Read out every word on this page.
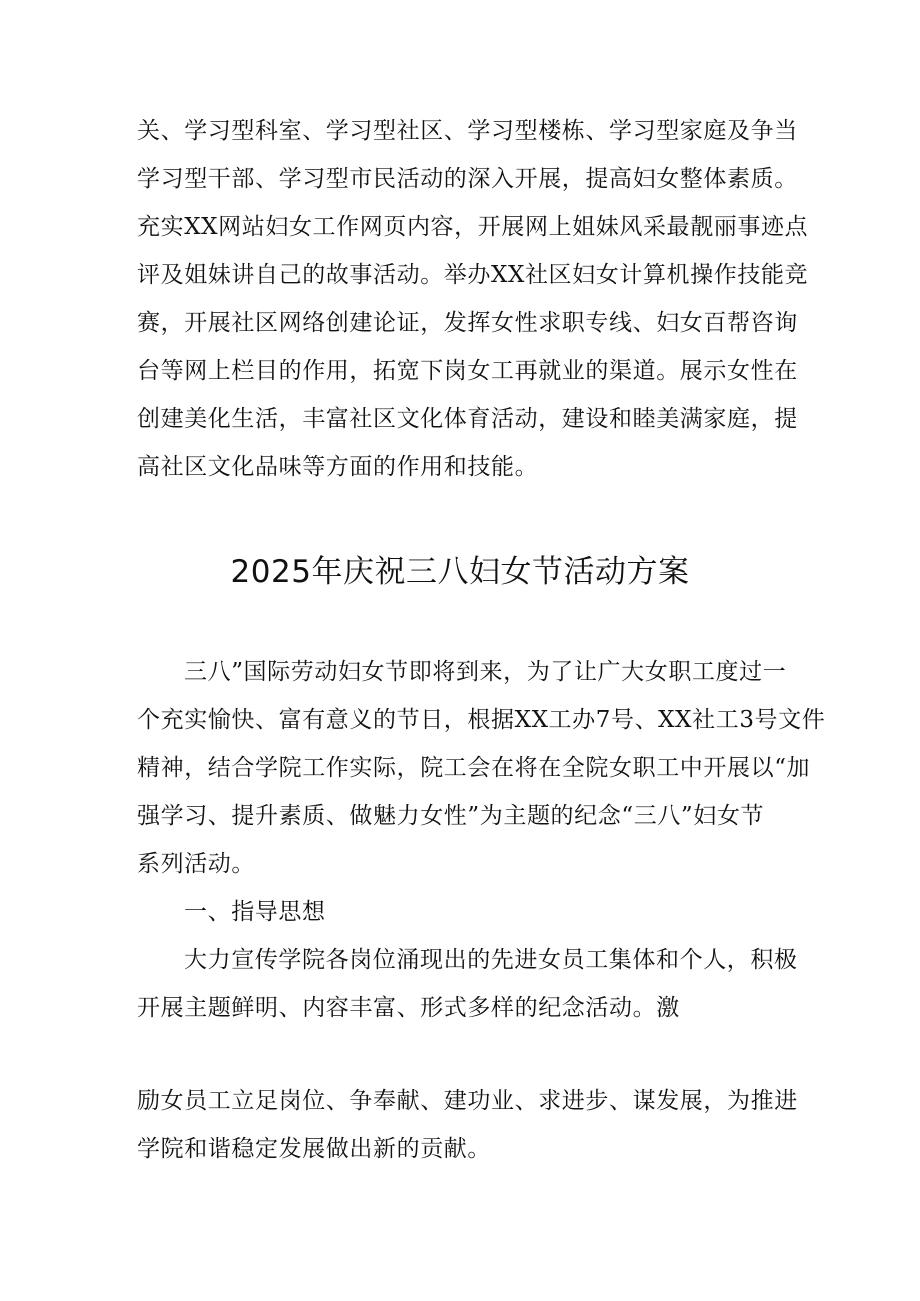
关、学习型科室、学习型社区、学习型楼栋、学习型家庭及争当
学习型干部、学习型市民活动的深入开展，提高妇女整体素质。
充实XX网站妇女工作网页内容，开展网上姐妹风采最靓丽事迹点
评及姐妹讲自己的故事活动。举办XX社区妇女计算机操作技能竞
赛，开展社区网络创建论证，发挥女性求职专线、妇女百帮咨询
台等网上栏目的作用，拓宽下岗女工再就业的渠道。展示女性在
创建美化生活，丰富社区文化体育活动，建设和睦美满家庭，提
高社区文化品味等方面的作用和技能。
2025年庆祝三八妇女节活动方案
三八”国际劳动妇女节即将到来，为了让广大女职工度过一
个充实愉快、富有意义的节日，根据XX工办7号、XX社工3号文件
精神，结合学院工作实际，院工会在将在全院女职工中开展以“加
强学习、提升素质、做魅力女性”为主题的纪念“三八”妇女节
系列活动。
一、指导思想
大力宣传学院各岗位涌现出的先进女员工集体和个人，积极
开展主题鲜明、内容丰富、形式多样的纪念活动。激
励女员工立足岗位、争奉献、建功业、求进步、谋发展，为推进
学院和谐稳定发展做出新的贡献。
